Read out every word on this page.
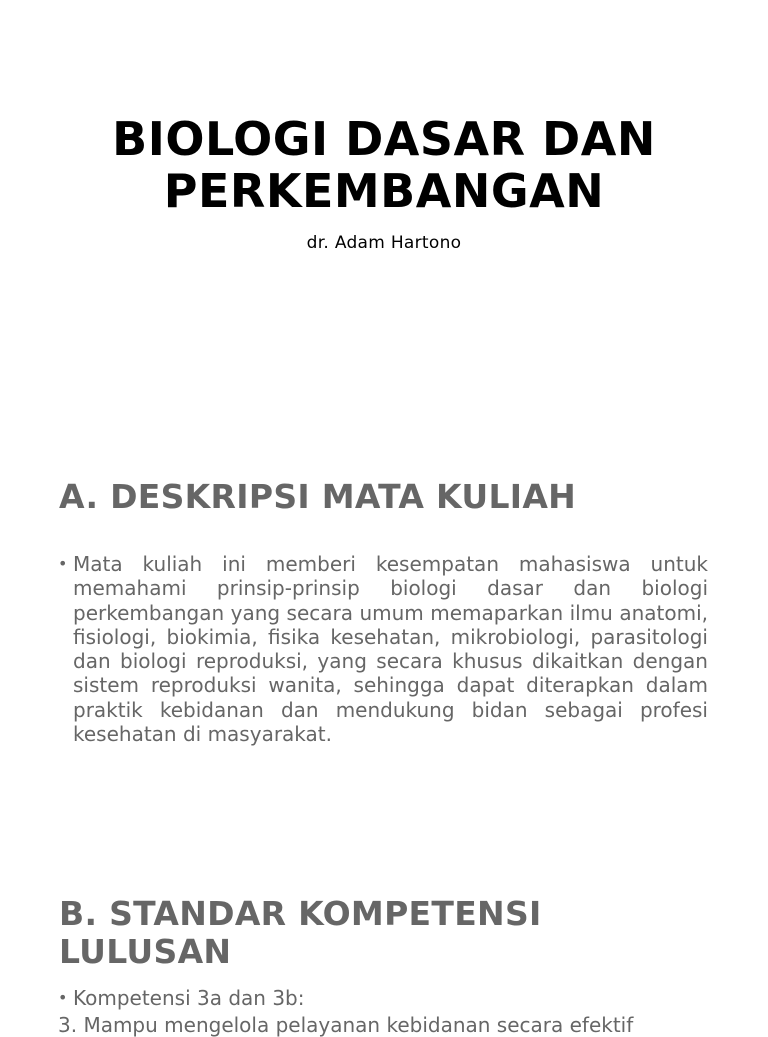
BIOLOGI DASAR DAN
PERKEMBANGAN
dr. Adam Hartono
A. DESKRIPSI MATA KULIAH
• Mata kuliah ini memberi kesempatan mahasiswa untuk memahami prinsip-prinsip biologi dasar dan biologi perkembangan yang secara umum memaparkan ilmu anatomi, fisiologi, biokimia, fisika kesehatan, mikrobiologi, parasitologi dan biologi reproduksi, yang secara khusus dikaitkan dengan sistem reproduksi wanita, sehingga dapat diterapkan dalam praktik kebidanan dan mendukung bidan sebagai profesi kesehatan di masyarakat.
B. STANDAR KOMPETENSI
LULUSAN
• Kompetensi 3a dan 3b:
3. Mampu mengelola pelayanan kebidanan secara efektif
